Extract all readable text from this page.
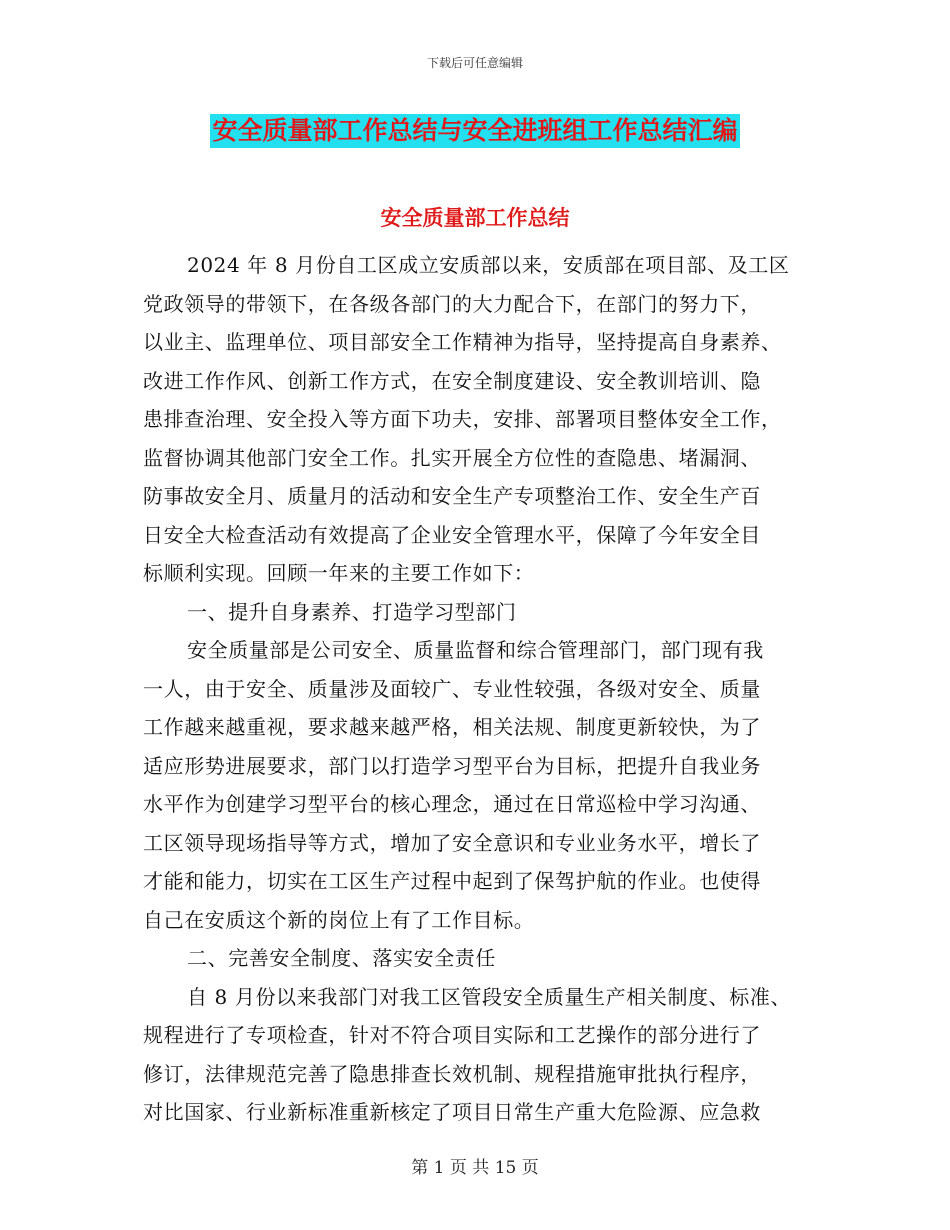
下载后可任意编辑
安全质量部工作总结与安全进班组工作总结汇编
安全质量部工作总结
2024 年 8 月份自工区成立安质部以来，安质部在项目部、及工区
党政领导的带领下，在各级各部门的大力配合下，在部门的努力下，
以业主、监理单位、项目部安全工作精神为指导，坚持提高自身素养、
改进工作作风、创新工作方式，在安全制度建设、安全教训培训、隐
患排查治理、安全投入等方面下功夫，安排、部署项目整体安全工作，
监督协调其他部门安全工作。扎实开展全方位性的查隐患、堵漏洞、
防事故安全月、质量月的活动和安全生产专项整治工作、安全生产百
日安全大检查活动有效提高了企业安全管理水平，保障了今年安全目
标顺利实现。回顾一年来的主要工作如下：
一、提升自身素养、打造学习型部门
安全质量部是公司安全、质量监督和综合管理部门，部门现有我
一人，由于安全、质量涉及面较广、专业性较强，各级对安全、质量
工作越来越重视，要求越来越严格，相关法规、制度更新较快，为了
适应形势进展要求，部门以打造学习型平台为目标，把提升自我业务
水平作为创建学习型平台的核心理念，通过在日常巡检中学习沟通、
工区领导现场指导等方式，增加了安全意识和专业业务水平，增长了
才能和能力，切实在工区生产过程中起到了保驾护航的作业。也使得
自己在安质这个新的岗位上有了工作目标。
二、完善安全制度、落实安全责任
自 8 月份以来我部门对我工区管段安全质量生产相关制度、标准、
规程进行了专项检查，针对不符合项目实际和工艺操作的部分进行了
修订，法律规范完善了隐患排查长效机制、规程措施审批执行程序，
对比国家、行业新标准重新核定了项目日常生产重大危险源、应急救
第 1 页 共 15 页
